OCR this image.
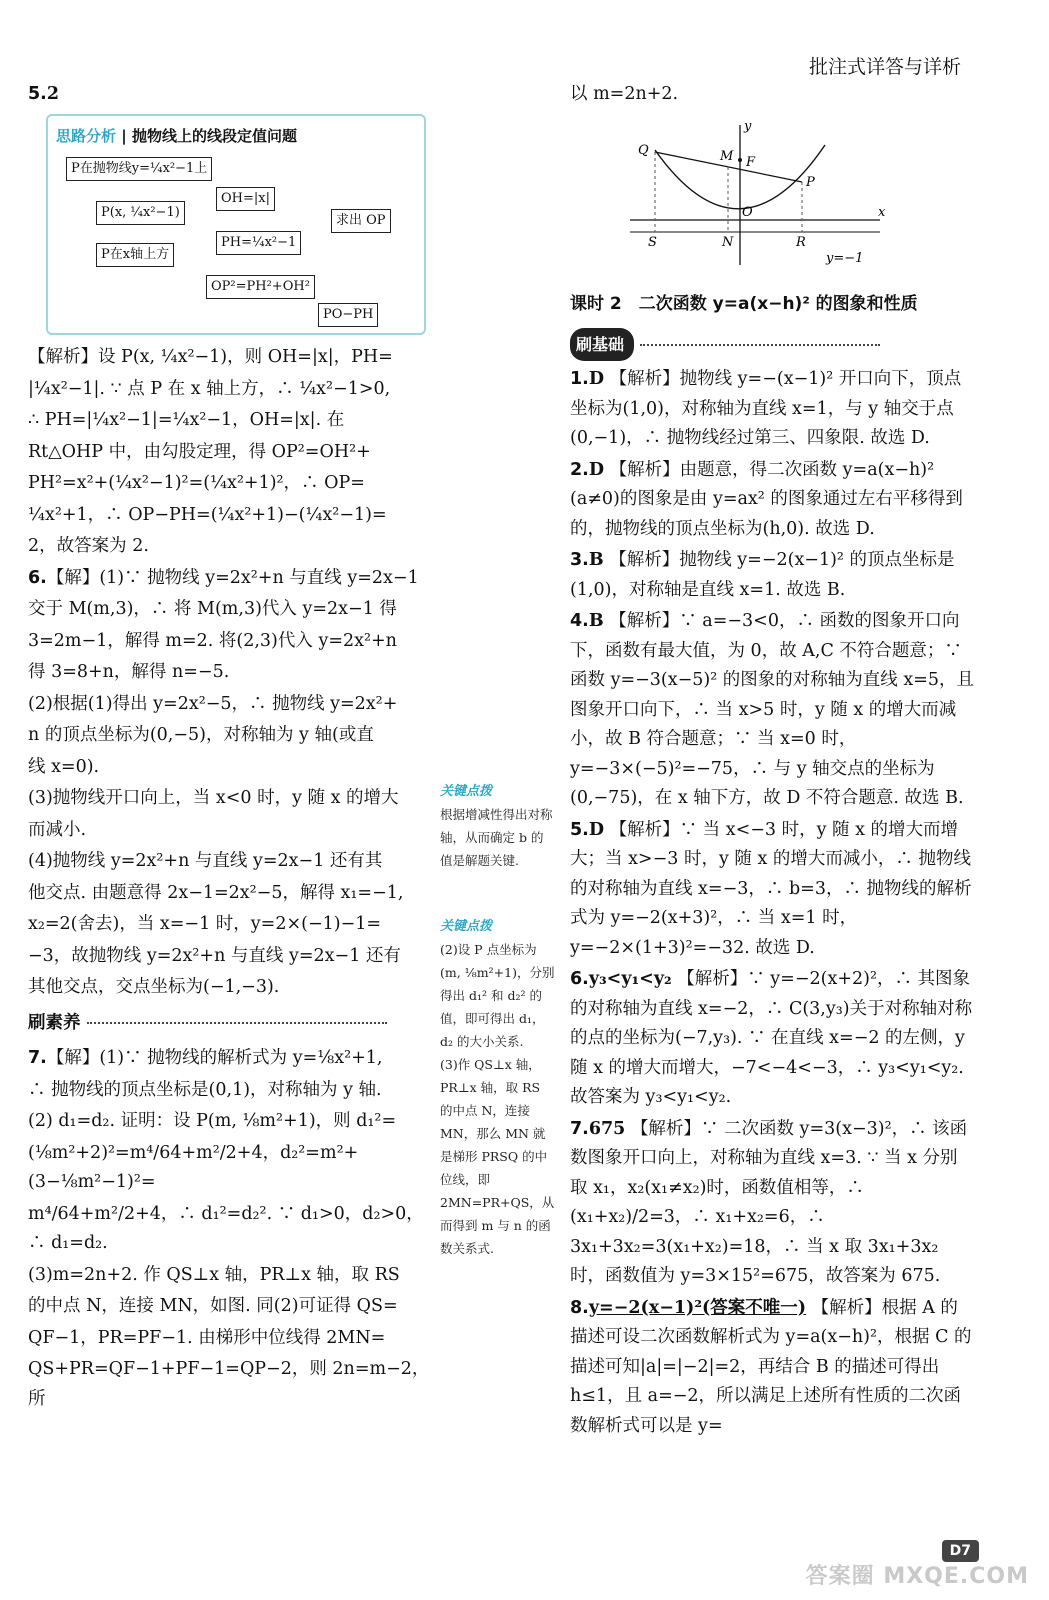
批注式详答与详析

5.2

思路分析 | 抛物线上的线段定值问题
P在抛物线y=¼x²−1上
P(x, ¼x²−1)
P在x轴上方
OH=|x|
PH=¼x²−1
求出 OP
OP²=PH²+OH²
PO−PH

【解析】设 P(x, ¼x²−1)，则 OH=|x|，PH=

|¼x²−1|. ∵ 点 P 在 x 轴上方，∴ ¼x²−1>0,

∴ PH=|¼x²−1|=¼x²−1，OH=|x|. 在

Rt△OHP 中，由勾股定理，得 OP²=OH²+

PH²=x²+(¼x²−1)²=(¼x²+1)²，∴ OP=

¼x²+1，∴ OP−PH=(¼x²+1)−(¼x²−1)=

2，故答案为 2.

6.【解】(1)∵ 抛物线 y=2x²+n 与直线 y=2x−1

交于 M(m,3)，∴ 将 M(m,3)代入 y=2x−1 得

3=2m−1，解得 m=2. 将(2,3)代入 y=2x²+n

得 3=8+n，解得 n=−5.

(2)根据(1)得出 y=2x²−5，∴ 抛物线 y=2x²+

n 的顶点坐标为(0,−5)，对称轴为 y 轴(或直

线 x=0).

(3)抛物线开口向上，当 x<0 时，y 随 x 的增大

而减小.

(4)抛物线 y=2x²+n 与直线 y=2x−1 还有其

他交点. 由题意得 2x−1=2x²−5，解得 x₁=−1,

x₂=2(舍去)，当 x=−1 时，y=2×(−1)−1=

−3，故抛物线 y=2x²+n 与直线 y=2x−1 还有

其他交点，交点坐标为(−1,−3).

刷素养

7.【解】(1)∵ 抛物线的解析式为 y=⅛x²+1,

∴ 抛物线的顶点坐标是(0,1)，对称轴为 y 轴.

(2) d₁=d₂. 证明：设 P(m, ⅛m²+1)，则 d₁²=

(⅛m²+2)²=m⁴/64+m²/2+4，d₂²=m²+(3−⅛m²−1)²=

m⁴/64+m²/2+4，∴ d₁²=d₂². ∵ d₁>0，d₂>0，∴ d₁=d₂.

(3)m=2n+2. 作 QS⊥x 轴，PR⊥x 轴，取 RS

的中点 N，连接 MN，如图. 同(2)可证得 QS=

QF−1，PR=PF−1. 由梯形中位线得 2MN=

QS+PR=QF−1+PF−1=QP−2，则 2n=m−2，所

关键点拨
根据增减性得出对称轴，从而确定 b 的值是解题关键.
关键点拨
(2)设 P 点坐标为(m, ⅛m²+1)，分别得出 d₁² 和 d₂² 的值，即可得出 d₁，d₂ 的大小关系.
(3)作 QS⊥x 轴，PR⊥x 轴，取 RS 的中点 N，连接 MN，那么 MN 就是梯形 PRSQ 的中位线，即 2MN=PR+QS，从而得到 m 与 n 的函数关系式.

以 m=2n+2.

y
x
Q	M F
P
O
S	N	R
y=−1
课时 2　二次函数 y=a(x−h)² 的图象和性质
刷基础

1.D 【解析】抛物线 y=−(x−1)² 开口向下，顶点坐标为(1,0)，对称轴为直线 x=1，与 y 轴交于点(0,−1)，∴ 抛物线经过第三、四象限. 故选 D.

2.D 【解析】由题意，得二次函数 y=a(x−h)² (a≠0)的图象是由 y=ax² 的图象通过左右平移得到的，抛物线的顶点坐标为(h,0). 故选 D.

3.B 【解析】抛物线 y=−2(x−1)² 的顶点坐标是(1,0)，对称轴是直线 x=1. 故选 B.

4.B 【解析】∵ a=−3<0，∴ 函数的图象开口向下，函数有最大值，为 0，故 A,C 不符合题意；∵ 函数 y=−3(x−5)² 的图象的对称轴为直线 x=5，且图象开口向下，∴ 当 x>5 时，y 随 x 的增大而减小，故 B 符合题意；∵ 当 x=0 时，y=−3×(−5)²=−75，∴ 与 y 轴交点的坐标为(0,−75)，在 x 轴下方，故 D 不符合题意. 故选 B.

5.D 【解析】∵ 当 x<−3 时，y 随 x 的增大而增大；当 x>−3 时，y 随 x 的增大而减小，∴ 抛物线的对称轴为直线 x=−3，∴ b=3，∴ 抛物线的解析式为 y=−2(x+3)²，∴ 当 x=1 时，y=−2×(1+3)²=−32. 故选 D.

6.y₃<y₁<y₂ 【解析】∵ y=−2(x+2)²，∴ 其图象的对称轴为直线 x=−2，∴ C(3,y₃)关于对称轴对称的点的坐标为(−7,y₃). ∵ 在直线 x=−2 的左侧，y 随 x 的增大而增大，−7<−4<−3，∴ y₃<y₁<y₂. 故答案为 y₃<y₁<y₂.

7.675 【解析】∵ 二次函数 y=3(x−3)²，∴ 该函数图象开口向上，对称轴为直线 x=3. ∵ 当 x 分别取 x₁，x₂(x₁≠x₂)时，函数值相等，∴ (x₁+x₂)/2=3，∴ x₁+x₂=6，∴ 3x₁+3x₂=3(x₁+x₂)=18，∴ 当 x 取 3x₁+3x₂ 时，函数值为 y=3×15²=675，故答案为 675.

8.y=−2(x−1)²(答案不唯一) 【解析】根据 A 的描述可设二次函数解析式为 y=a(x−h)²，根据 C 的描述可知|a|=|−2|=2，再结合 B 的描述可得出 h≤1，且 a=−2，所以满足上述所有性质的二次函数解析式可以是 y=

D7
答案圈 MXQE.COM
